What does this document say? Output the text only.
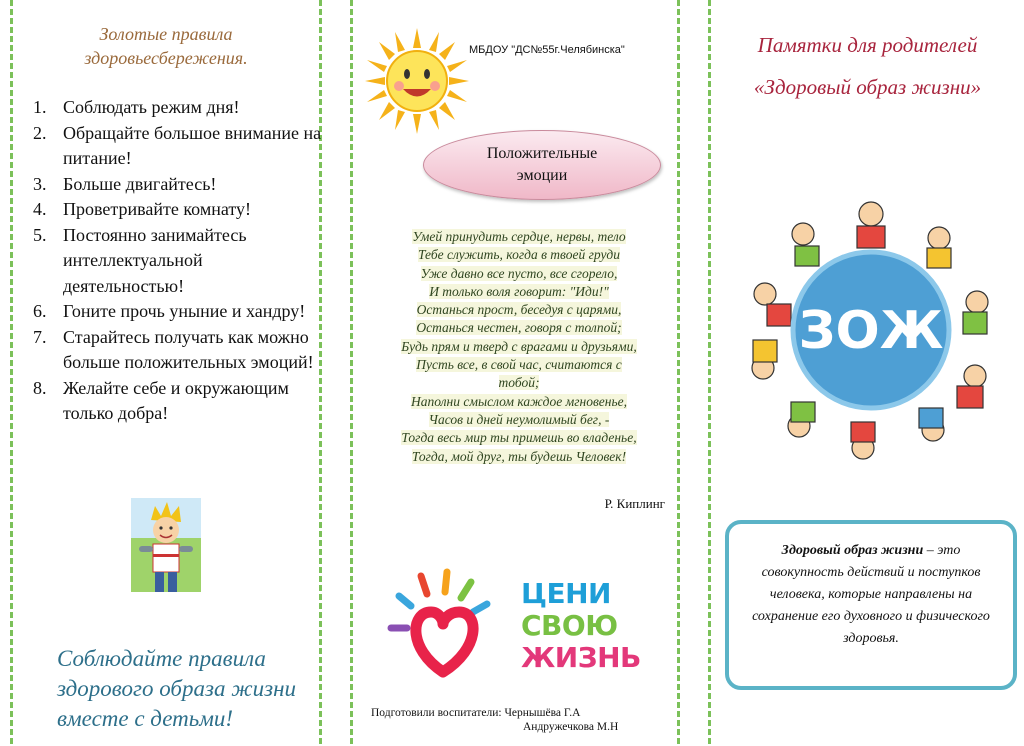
Золотые правила
здоровьесбережения.
1. Соблюдать режим дня!
2. Обращайте большое внимание на питание!
3. Больше двигайтесь!
4. Проветривайте комнату!
5. Постоянно занимайтесь интеллектуальной деятельностью!
6. Гоните прочь уныние и хандру!
7. Старайтесь получать как можно больше положительных эмоций!
8. Желайте себе и окружающим только добра!
Соблюдайте правила
здорового образа жизни
вместе с детьми!
МБДОУ "ДС№55г.Челябинска"
Положительные
эмоции
Умей принудить сердце, нервы, тело
Тебе служить, когда в твоей груди
Уже давно все пусто, все сгорело,
И только воля говорит: "Иди!"
Останься прост, беседуя с царями,
Останься честен, говоря с толпой;
Будь прям и тверд с врагами и друзьями,
Пусть все, в свой час, считаются с
тобой;
Наполни смыслом каждое мгновенье,
Часов и дней неумолимый бег, -
Тогда весь мир ты примешь во владенье,
Тогда, мой друг, ты будешь Человек!
Р. Киплинг
ЦЕНИ
СВОЮ
ЖИЗНЬ
Подготовили воспитатели: Чернышёва Г.А
Андружечкова М.Н
Памятки для родителей
«Здоровый образ жизни»
ЗОЖ
Здоровый образ жизни – это совокупность действий и поступков человека, которые направлены на сохранение его духовного и физического здоровья.
